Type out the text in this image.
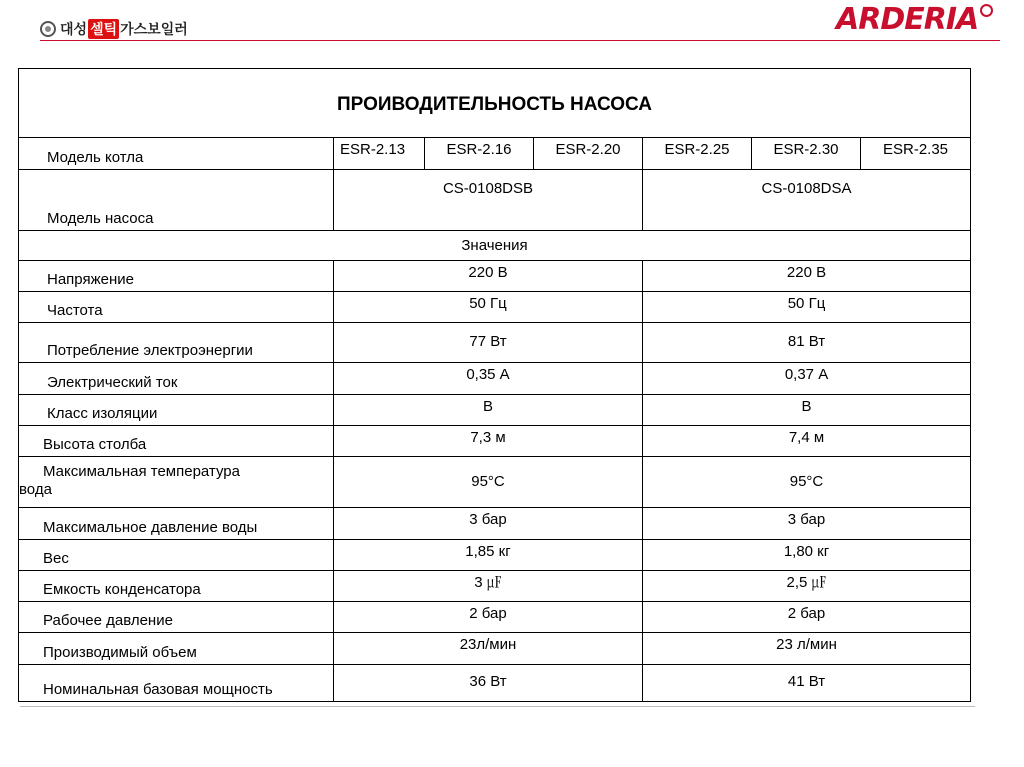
대성 셀틱 가스보일러	ARDERIA
ПРОИВОДИТЕЛЬНОСТЬ НАСОСА						
Модель котла	ESR-2.13	ESR-2.16	ESR-2.20	ESR-2.25	ESR-2.30	ESR-2.35
Модель насоса	CS-0108DSB			CS-0108DSA		
Значения						
Напряжение	220 В			220 В		
Частота	50 Гц			50 Гц		
Потребление электроэнергии	77 Вт			81 Вт		
Электрический ток	0,35 А			0,37 А		
Класс изоляции	В			В		
Высота столба	7,3 м			7,4 м		

Максимальная температура
вода	95°C			95°C		
Максимальное давление воды	3 бар			3 бар		
Вес	1,85 кг			1,80 кг		
Емкость конденсатора	3 ㎌			2,5 ㎌		
Рабочее давление	2 бар			2 бар		
Производимый объем	23л/мин			23 л/мин		
Номинальная базовая мощность	36 Вт			41 Вт		
